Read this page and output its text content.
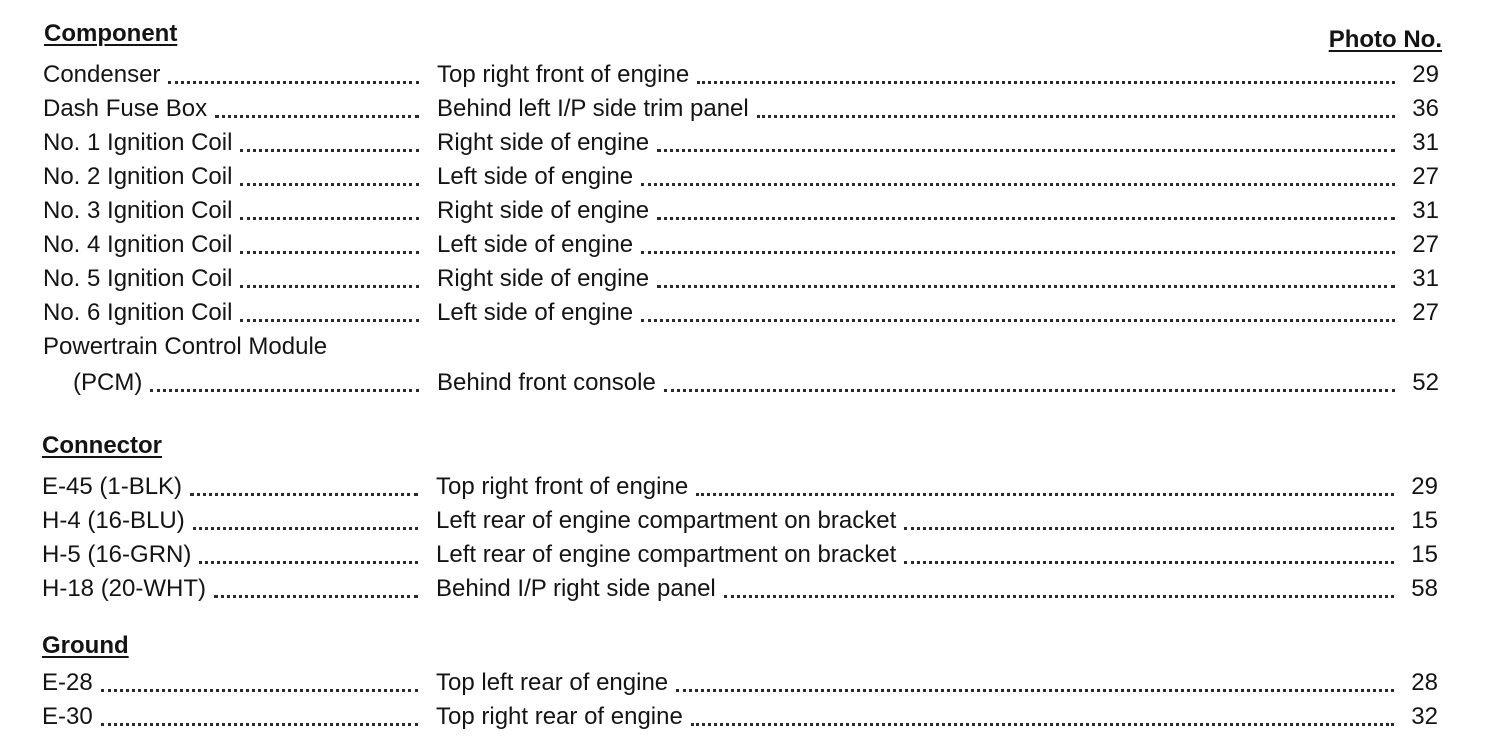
Component	Photo No.
Condenser	Top right front of engine	29
Dash Fuse Box	Behind left I/P side trim panel	36
No. 1 Ignition Coil	Right side of engine	31
No. 2 Ignition Coil	Left side of engine	27
No. 3 Ignition Coil	Right side of engine	31
No. 4 Ignition Coil	Left side of engine	27
No. 5 Ignition Coil	Right side of engine	31
No. 6 Ignition Coil	Left side of engine	27
Powertrain Control Module
(PCM)	Behind front console	52
Connector
E-45 (1-BLK)	Top right front of engine	29
H-4 (16-BLU)	Left rear of engine compartment on bracket	15
H-5 (16-GRN)	Left rear of engine compartment on bracket	15
H-18 (20-WHT)	Behind I/P right side panel	58
Ground
E-28	Top left rear of engine	28
E-30	Top right rear of engine	32
